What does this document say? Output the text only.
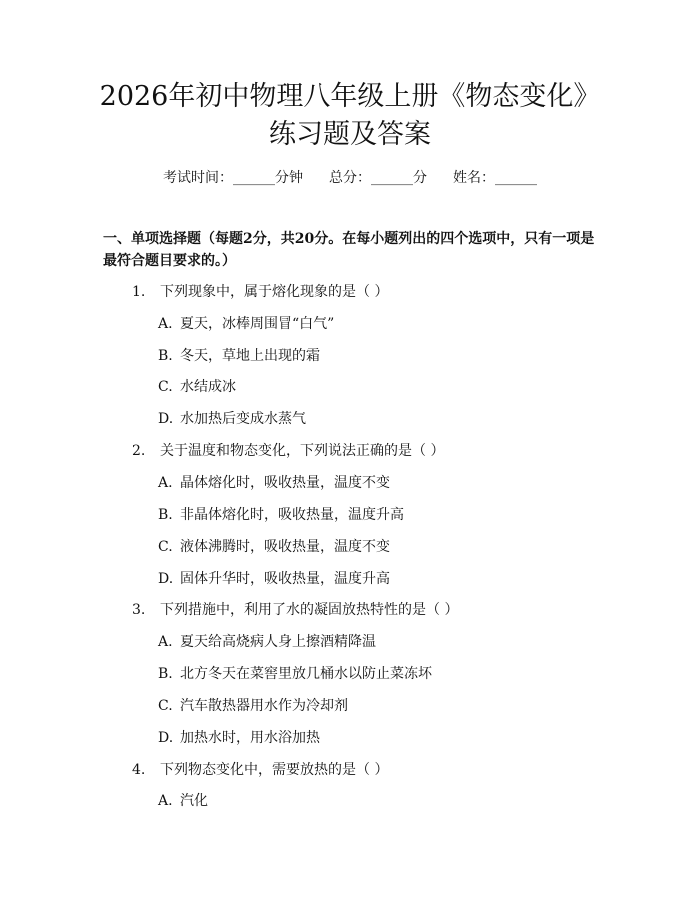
2026年初中物理八年级上册《物态变化》练习题及答案
考试时间：______分钟 总分：______分 姓名：______

一、单项选择题（每题2分，共20分。在每小题列出的四个选项中，只有一项是最符合题目要求的。）

1. 下列现象中，属于熔化现象的是（ ）
A. 夏天，冰棒周围冒“白气”
B. 冬天，草地上出现的霜
C. 水结成冰
D. 水加热后变成水蒸气
2. 关于温度和物态变化，下列说法正确的是（ ）
A. 晶体熔化时，吸收热量，温度不变
B. 非晶体熔化时，吸收热量，温度升高
C. 液体沸腾时，吸收热量，温度不变
D. 固体升华时，吸收热量，温度升高
3. 下列措施中，利用了水的凝固放热特性的是（ ）
A. 夏天给高烧病人身上擦酒精降温
B. 北方冬天在菜窖里放几桶水以防止菜冻坏
C. 汽车散热器用水作为冷却剂
D. 加热水时，用水浴加热
4. 下列物态变化中，需要放热的是（ ）
A. 汽化
